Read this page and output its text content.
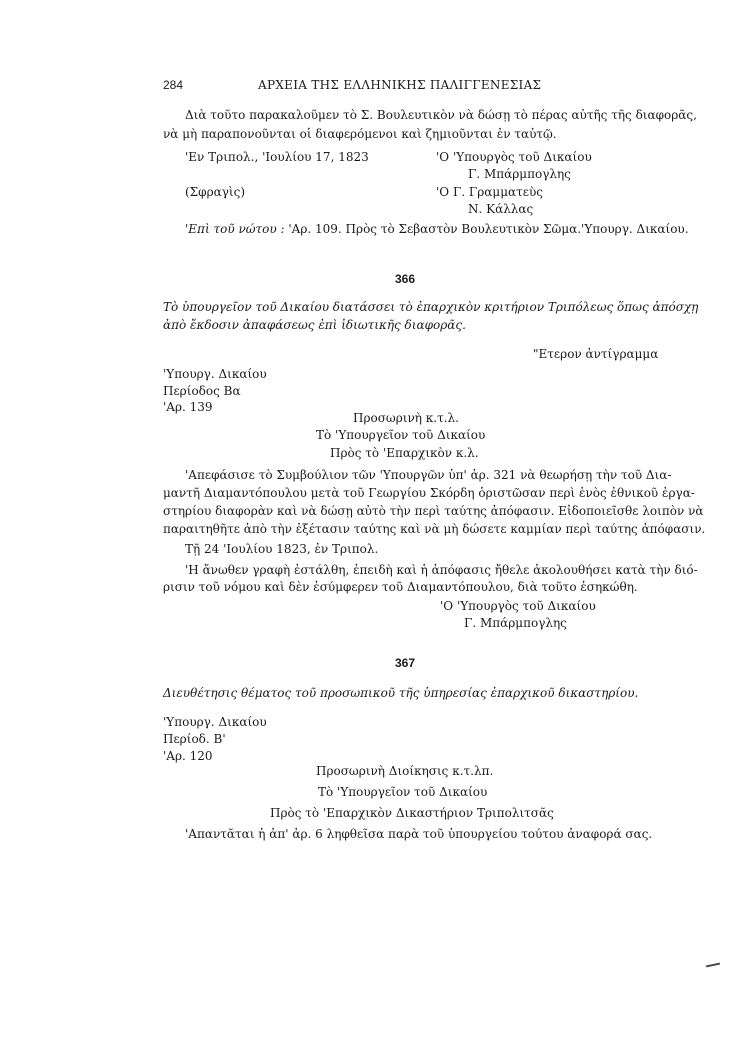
284	ΑΡΧΕΙΑ ΤΗΣ ΕΛΛΗΝΙΚΗΣ ΠΑΛΙΓΓΕΝΕΣΙΑΣ
Διὰ τοῦτο παρακαλοῦμεν τὸ Σ. Βουλευτικὸν νὰ δώσῃ τὸ πέρας αὐτῆς τῆς διαφορᾶς,
νὰ μὴ παραπονοῦνται οἱ διαφερόμενοι καὶ ζημιοῦνται ἐν ταὐτῷ.
'Εν Τριπολ., 'Ιουλίου 17, 1823	'Ο 'Υπουργὸς τοῦ Δικαίου
Γ. Μπάρμπογλης
(Σφραγὶς)	'Ο Γ. Γραμματεὺς
Ν. Κάλλας
'Επὶ τοῦ νώτου : 'Αρ. 109. Πρὸς τὸ Σεβαστὸν Βουλευτικὸν Σῶμα.'Υπουργ. Δικαίου.
366
Τὸ ὑπουργεῖον τοῦ Δικαίου διατάσσει τὸ ἐπαρχικὸν κριτήριον Τριπόλεως ὅπως ἀπόσχῃ
ἀπὸ ἔκδοσιν ἀπαφάσεως ἐπὶ ἰδιωτικῆς διαφορᾶς.
"Ετερον ἀντίγραμμα
'Υπουργ. Δικαίου
Περίοδος Βα
'Αρ. 139
Προσωρινὴ κ.τ.λ.
Τὸ 'Υπουργεῖον τοῦ Δικαίου
Πρὸς τὸ 'Επαρχικὸν κ.λ.
'Απεφάσισε τὸ Συμβούλιον τῶν 'Υπουργῶν ὑπ' ἀρ. 321 νὰ θεωρήσῃ τὴν τοῦ Δια-
μαντῆ Διαμαντόπουλου μετὰ τοῦ Γεωργίου Σκόρδη ὁριστῶσαν περὶ ἑνὸς ἐθνικοῦ ἐργα-
στηρίου διαφορὰν καὶ νὰ δώσῃ αὐτὸ τὴν περὶ ταύτης ἀπόφασιν. Εἰδοποιεῖσθε λοιπὸν νὰ
παραιτηθῆτε ἀπὸ τὴν ἐξέτασιν ταύτης καὶ νὰ μὴ δώσετε καμμίαν περὶ ταύτης ἀπόφασιν.
Τῇ 24 'Ιουλίου 1823, ἐν Τριπολ.
'Η ἄνωθεν γραφὴ ἐστάλθη, ἐπειδὴ καὶ ἡ ἀπόφασις ἤθελε ἀκολουθήσει κατὰ τὴν διό-
ρισιν τοῦ νόμου καὶ δὲν ἐσύμφερεν τοῦ Διαμαντόπουλου, διὰ τοῦτο ἐσηκώθη.
'Ο 'Υπουργὸς τοῦ Δικαίου
Γ. Μπάρμπογλης
367
Διευθέτησις θέματος τοῦ προσωπικοῦ τῆς ὑπηρεσίας ἐπαρχικοῦ δικαστηρίου.
'Υπουργ. Δικαίου
Περίοδ. Β'
'Αρ. 120
Προσωρινὴ Διοίκησις κ.τ.λπ.
Τὸ 'Υπουργεῖον τοῦ Δικαίου
Πρὸς τὸ 'Επαρχικὸν Δικαστήριον Τριπολιτσᾶς
'Απαντᾶται ἡ ἀπ' ἀρ. 6 ληφθεῖσα παρὰ τοῦ ὑπουργείου τούτου ἀναφορά σας.
